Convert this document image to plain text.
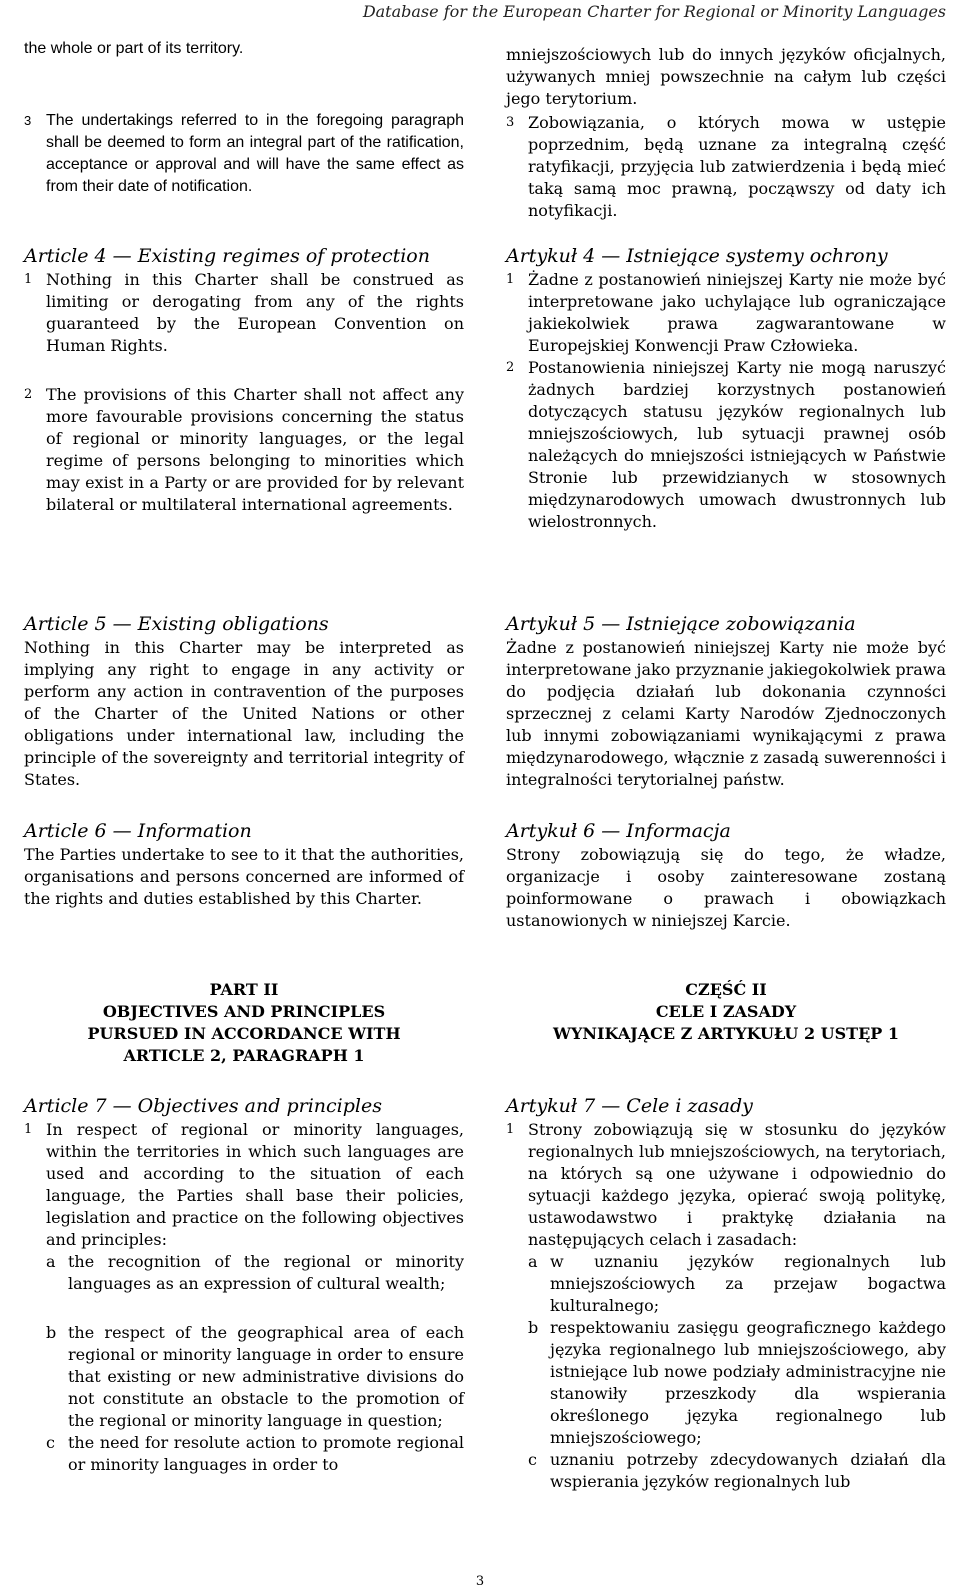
Database for the European Charter for Regional or Minority Languages

the whole or part of its territory.

3 The undertakings referred to in the foregoing paragraph shall be deemed to form an integral part of the ratification, acceptance or approval and will have the same effect as from their date of notification.
Article 4 — Existing regimes of protection
1 Nothing in this Charter shall be construed as limiting or derogating from any of the rights guaranteed by the European Convention on Human Rights.
2 The provisions of this Charter shall not affect any more favourable provisions concerning the status of regional or minority languages, or the legal regime of persons belonging to minorities which may exist in a Party or are provided for by relevant bilateral or multilateral international agreements.
Article 5 — Existing obligations

Nothing in this Charter may be interpreted as implying any right to engage in any activity or perform any action in contravention of the purposes of the Charter of the United Nations or other obligations under international law, including the principle of the sovereignty and territorial integrity of States.

Article 6 — Information

The Parties undertake to see to it that the authorities, organisations and persons concerned are informed of the rights and duties established by this Charter.

PART II
OBJECTIVES AND PRINCIPLES
PURSUED IN ACCORDANCE WITH
ARTICLE 2, PARAGRAPH 1
Article 7 — Objectives and principles
1 In respect of regional or minority languages, within the territories in which such languages are used and according to the situation of each language, the Parties shall base their policies, legislation and practice on the following objectives and principles:
a the recognition of the regional or minority languages as an expression of cultural wealth;
b the respect of the geographical area of each regional or minority language in order to ensure that existing or new administrative divisions do not constitute an obstacle to the promotion of the regional or minority language in question;
c the need for resolute action to promote regional or minority languages in order to

mniejszościowych lub do innych języków oficjalnych, używanych mniej powszechnie na całym lub części jego terytorium.

3 Zobowiązania, o których mowa w ustępie poprzednim, będą uznane za integralną część ratyfikacji, przyjęcia lub zatwierdzenia i będą mieć taką samą moc prawną, począwszy od daty ich notyfikacji.
Artykuł 4 — Istniejące systemy ochrony
1 Żadne z postanowień niniejszej Karty nie może być interpretowane jako uchylające lub ograniczające jakiekolwiek prawa zagwarantowane w Europejskiej Konwencji Praw Człowieka.
2 Postanowienia niniejszej Karty nie mogą naruszyć żadnych bardziej korzystnych postanowień dotyczących statusu języków regionalnych lub mniejszościowych, lub sytuacji prawnej osób należących do mniejszości istniejących w Państwie Stronie lub przewidzianych w stosownych międzynarodowych umowach dwustronnych lub wielostronnych.
Artykuł 5 — Istniejące zobowiązania

Żadne z postanowień niniejszej Karty nie może być interpretowane jako przyznanie jakiegokolwiek prawa do podjęcia działań lub dokonania czynności sprzecznej z celami Karty Narodów Zjednoczonych lub innymi zobowiązaniami wynikającymi z prawa międzynarodowego, włącznie z zasadą suwerenności i integralności terytorialnej państw.

Artykuł 6 — Informacja

Strony zobowiązują się do tego, że władze, organizacje i osoby zainteresowane zostaną poinformowane o prawach i obowiązkach ustanowionych w niniejszej Karcie.

CZĘŚĆ II
CELE I ZASADY
WYNIKAJĄCE Z ARTYKUŁU 2 USTĘP 1
Artykuł 7 — Cele i zasady
1 Strony zobowiązują się w stosunku do języków regionalnych lub mniejszościowych, na terytoriach, na których są one używane i odpowiednio do sytuacji każdego języka, opierać swoją politykę, ustawodawstwo i praktykę działania na następujących celach i zasadach:
a w uznaniu języków regionalnych lub mniejszościowych za przejaw bogactwa kulturalnego;
b respektowaniu zasięgu geograficznego każdego języka regionalnego lub mniejszościowego, aby istniejące lub nowe podziały administracyjne nie stanowiły przeszkody dla wspierania określonego języka regionalnego lub mniejszościowego;
c uznaniu potrzeby zdecydowanych działań dla wspierania języków regionalnych lub
3
